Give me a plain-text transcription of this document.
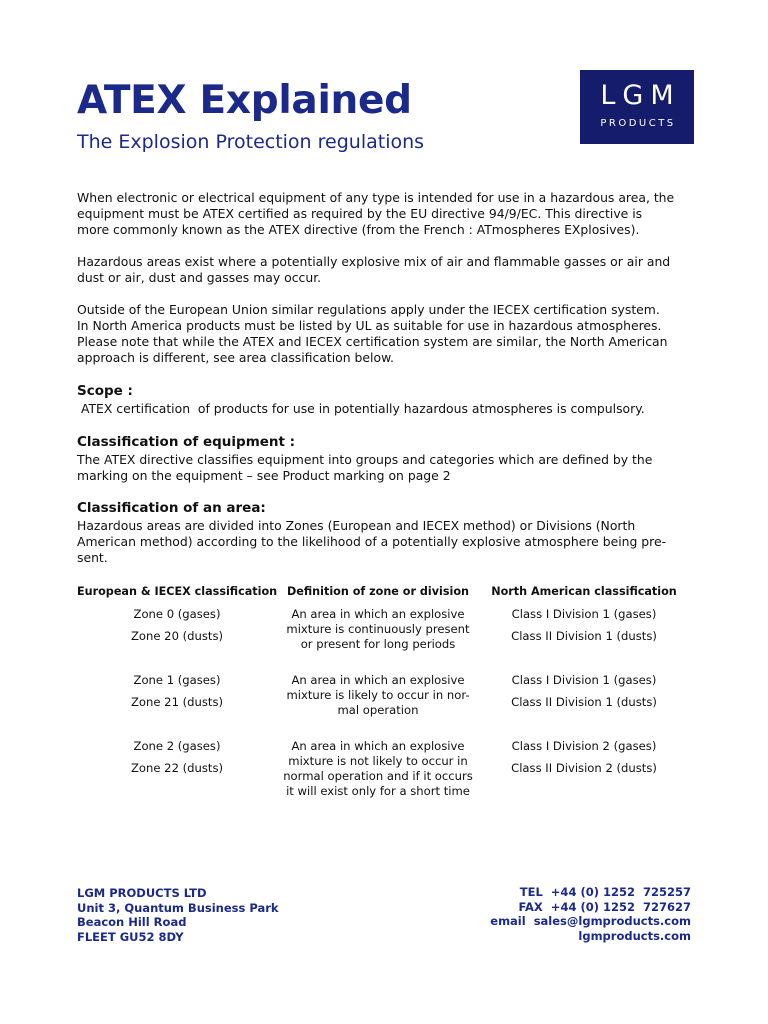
ATEX Explained
The Explosion Protection regulations
LGM
PRODUCTS
When electronic or electrical equipment of any type is intended for use in a hazardous area, the
equipment must be ATEX certified as required by the EU directive 94/9/EC. This directive is
more commonly known as the ATEX directive (from the French : ATmospheres EXplosives).
Hazardous areas exist where a potentially explosive mix of air and flammable gasses or air and
dust or air, dust and gasses may occur.
Outside of the European Union similar regulations apply under the IECEX certification system.
In North America products must be listed by UL as suitable for use in hazardous atmospheres.
Please note that while the ATEX and IECEX certification system are similar, the North American
approach is different, see area classification below.
Scope :
ATEX certification  of products for use in potentially hazardous atmospheres is compulsory.
Classification of equipment :
The ATEX directive classifies equipment into groups and categories which are defined by the
marking on the equipment – see Product marking on page 2
Classification of an area:
Hazardous areas are divided into Zones (European and IECEX method) or Divisions (North
American method) according to the likelihood of a potentially explosive atmosphere being pre-
sent.
European & IECEX classification Definition of zone or division	North American classification
Zone 0 (gases)
Zone 20 (dusts)
An area in which an explosive
mixture is continuously present
or present for long periods
Class I Division 1 (gases)
Class II Division 1 (dusts)
Zone 1 (gases)
Zone 21 (dusts)
An area in which an explosive
mixture is likely to occur in nor-
mal operation
Class I Division 1 (gases)
Class II Division 1 (dusts)
Zone 2 (gases)
Zone 22 (dusts)
An area in which an explosive
mixture is not likely to occur in
normal operation and if it occurs
it will exist only for a short time
Class I Division 2 (gases)
Class II Division 2 (dusts)
LGM PRODUCTS LTD
Unit 3, Quantum Business Park
Beacon Hill Road
FLEET GU52 8DY
TEL  +44 (0) 1252  725257
FAX  +44 (0) 1252  727627
email  sales@lgmproducts.com
lgmproducts.com
